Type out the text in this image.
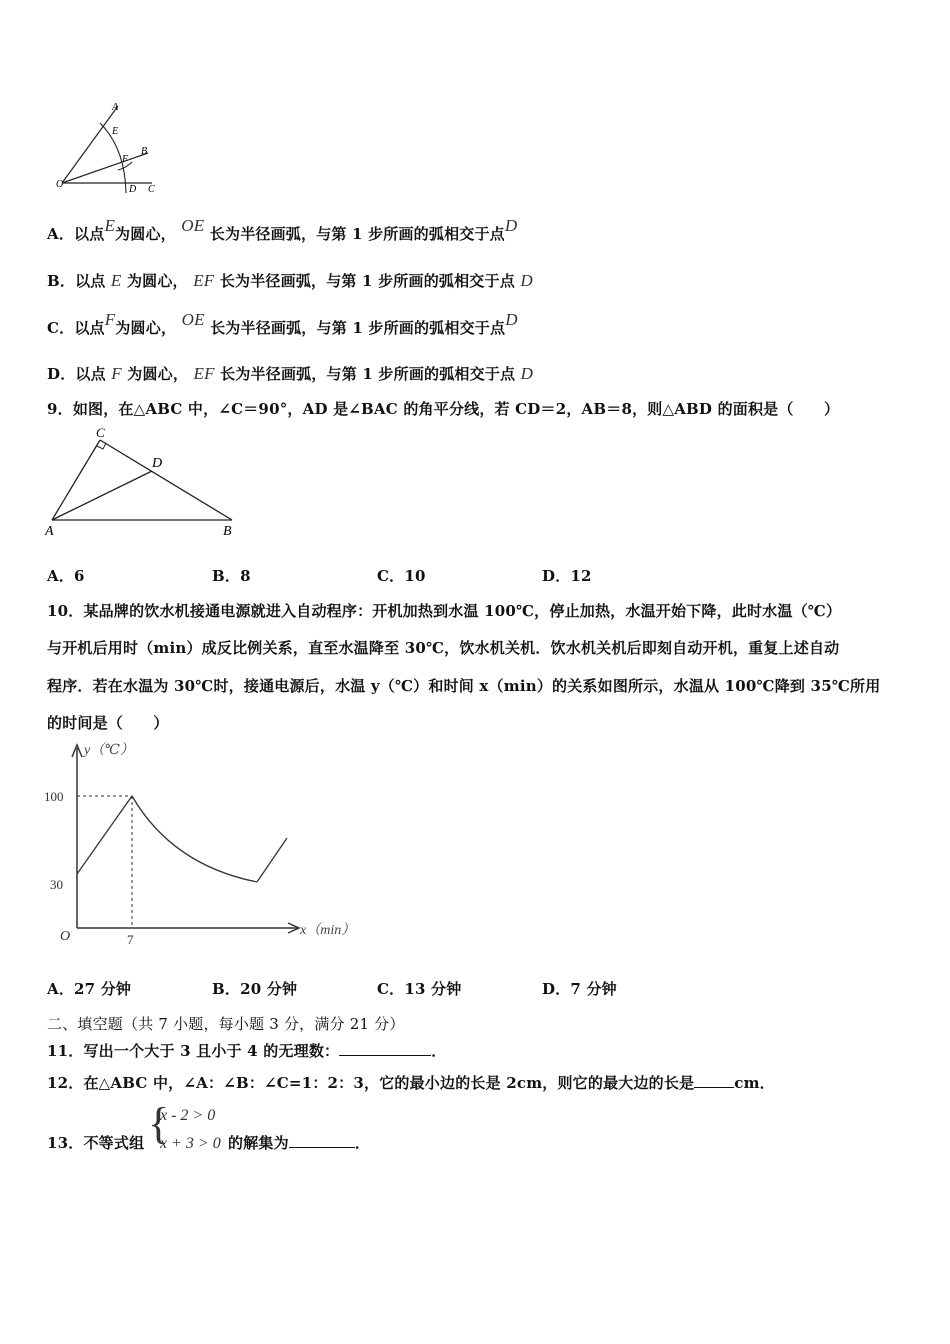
A
E
B
F
O	D C
A．以点E为圆心， OE 长为半径画弧，与第 1 步所画的弧相交于点D
B．以点 E 为圆心， EF 长为半径画弧，与第 1 步所画的弧相交于点 D
C．以点F为圆心， OE 长为半径画弧，与第 1 步所画的弧相交于点D
D．以点 F 为圆心， EF 长为半径画弧，与第 1 步所画的弧相交于点 D
9．如图，在△ABC 中，∠C＝90°，AD 是∠BAC 的角平分线，若 CD＝2，AB＝8，则△ABD 的面积是（　　）
C
D
A	B
A．6	B．8	C．10	D．12
10．某品牌的饮水机接通电源就进入自动程序：开机加热到水温 100℃，停止加热，水温开始下降，此时水温（℃）
与开机后用时（min）成反比例关系，直至水温降至 30℃，饮水机关机．饮水机关机后即刻自动开机，重复上述自动
程序．若在水温为 30℃时，接通电源后，水温 y（℃）和时间 x（min）的关系如图所示，水温从 100℃降到 35℃所用
的时间是（　　）
y（℃）
x（min）
100
30
7
O
A．27 分钟	B．20 分钟	C．13 分钟	D．7 分钟
二、填空题（共 7 小题，每小题 3 分，满分 21 分）
11．写出一个大于 3 且小于 4 的无理数：	．
12．在△ABC 中，∠A：∠B：∠C=1：2：3，它的最小边的长是 2cm，则它的最大边的长是	cm．
13．不等式组 {
x - 2 > 0
x + 3 > 0 的解集为	．
